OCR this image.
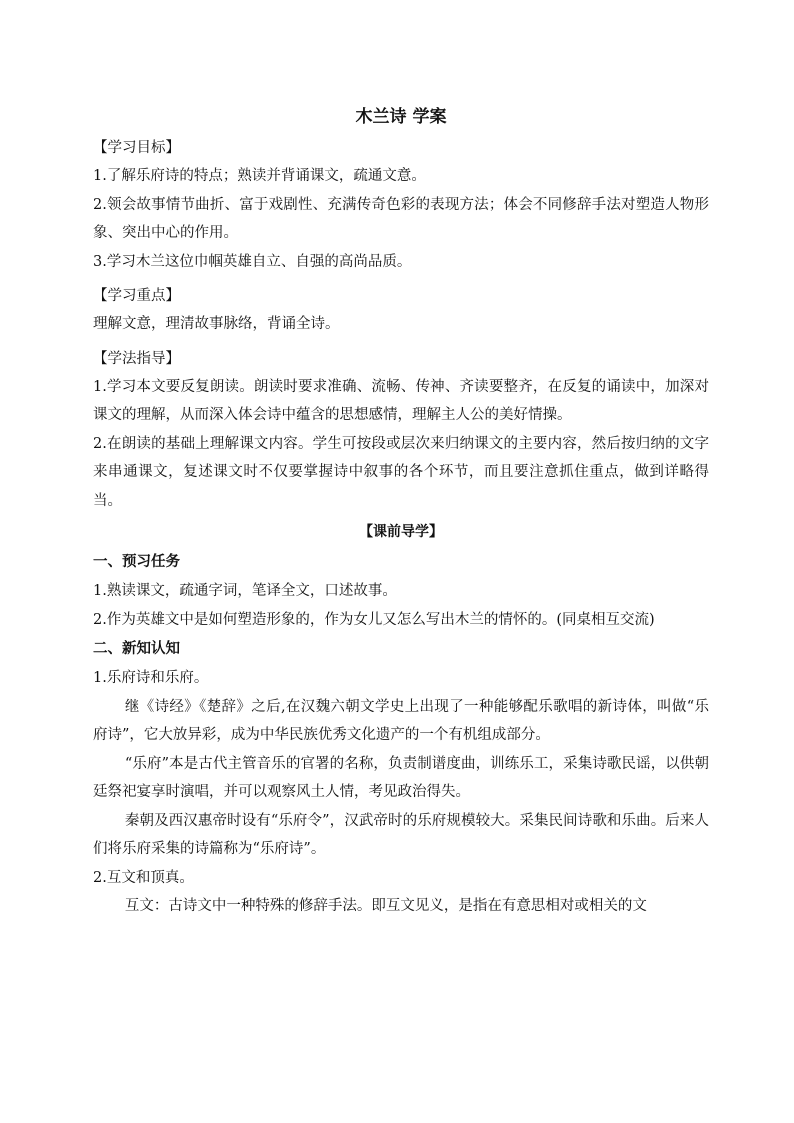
木兰诗 学案
【学习目标】

1.了解乐府诗的特点；熟读并背诵课文，疏通文意。

2.领会故事情节曲折、富于戏剧性、充满传奇色彩的表现方法；体会不同修辞手法对塑造人物形象、突出中心的作用。

3.学习木兰这位巾帼英雄自立、自强的高尚品质。

【学习重点】

理解文意，理清故事脉络，背诵全诗。

【学法指导】

1.学习本文要反复朗读。朗读时要求准确、流畅、传神、齐读要整齐，在反复的诵读中，加深对课文的理解，从而深入体会诗中蕴含的思想感情，理解主人公的美好情操。

2.在朗读的基础上理解课文内容。学生可按段或层次来归纳课文的主要内容，然后按归纳的文字来串通课文，复述课文时不仅要掌握诗中叙事的各个环节，而且要注意抓住重点，做到详略得当。

【课前导学】
一、预习任务

1.熟读课文，疏通字词，笔译全文，口述故事。

2.作为英雄文中是如何塑造形象的，作为女儿又怎么写出木兰的情怀的。(同桌相互交流)

二、新知认知

1.乐府诗和乐府。

继《诗经》《楚辞》之后,在汉魏六朝文学史上出现了一种能够配乐歌唱的新诗体，叫做“乐府诗”，它大放异彩，成为中华民族优秀文化遗产的一个有机组成部分。

“乐府”本是古代主管音乐的官署的名称，负责制谱度曲，训练乐工，采集诗歌民谣，以供朝廷祭祀宴享时演唱，并可以观察风土人情，考见政治得失。

秦朝及西汉惠帝时设有“乐府令”，汉武帝时的乐府规模较大。采集民间诗歌和乐曲。后来人们将乐府采集的诗篇称为“乐府诗”。

2.互文和顶真。

互文：古诗文中一种特殊的修辞手法。即互文见义，是指在有意思相对或相关的文
